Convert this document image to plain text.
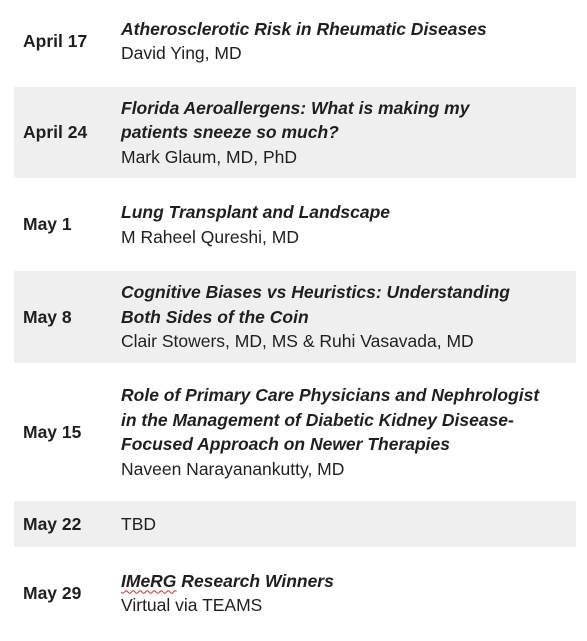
April 17
Atherosclerotic Risk in Rheumatic Diseases
David Ying, MD
April 24
Florida Aeroallergens: What is making my patients sneeze so much?
Mark Glaum, MD, PhD
May 1
Lung Transplant and Landscape
M Raheel Qureshi, MD
May 8
Cognitive Biases vs Heuristics: Understanding Both Sides of the Coin
Clair Stowers, MD, MS & Ruhi Vasavada, MD
May 15
Role of Primary Care Physicians and Nephrologist in the Management of Diabetic Kidney Disease-Focused Approach on Newer Therapies
Naveen Narayanankutty, MD
May 22	TBD
May 29
IMeRG Research Winners
Virtual via TEAMS
